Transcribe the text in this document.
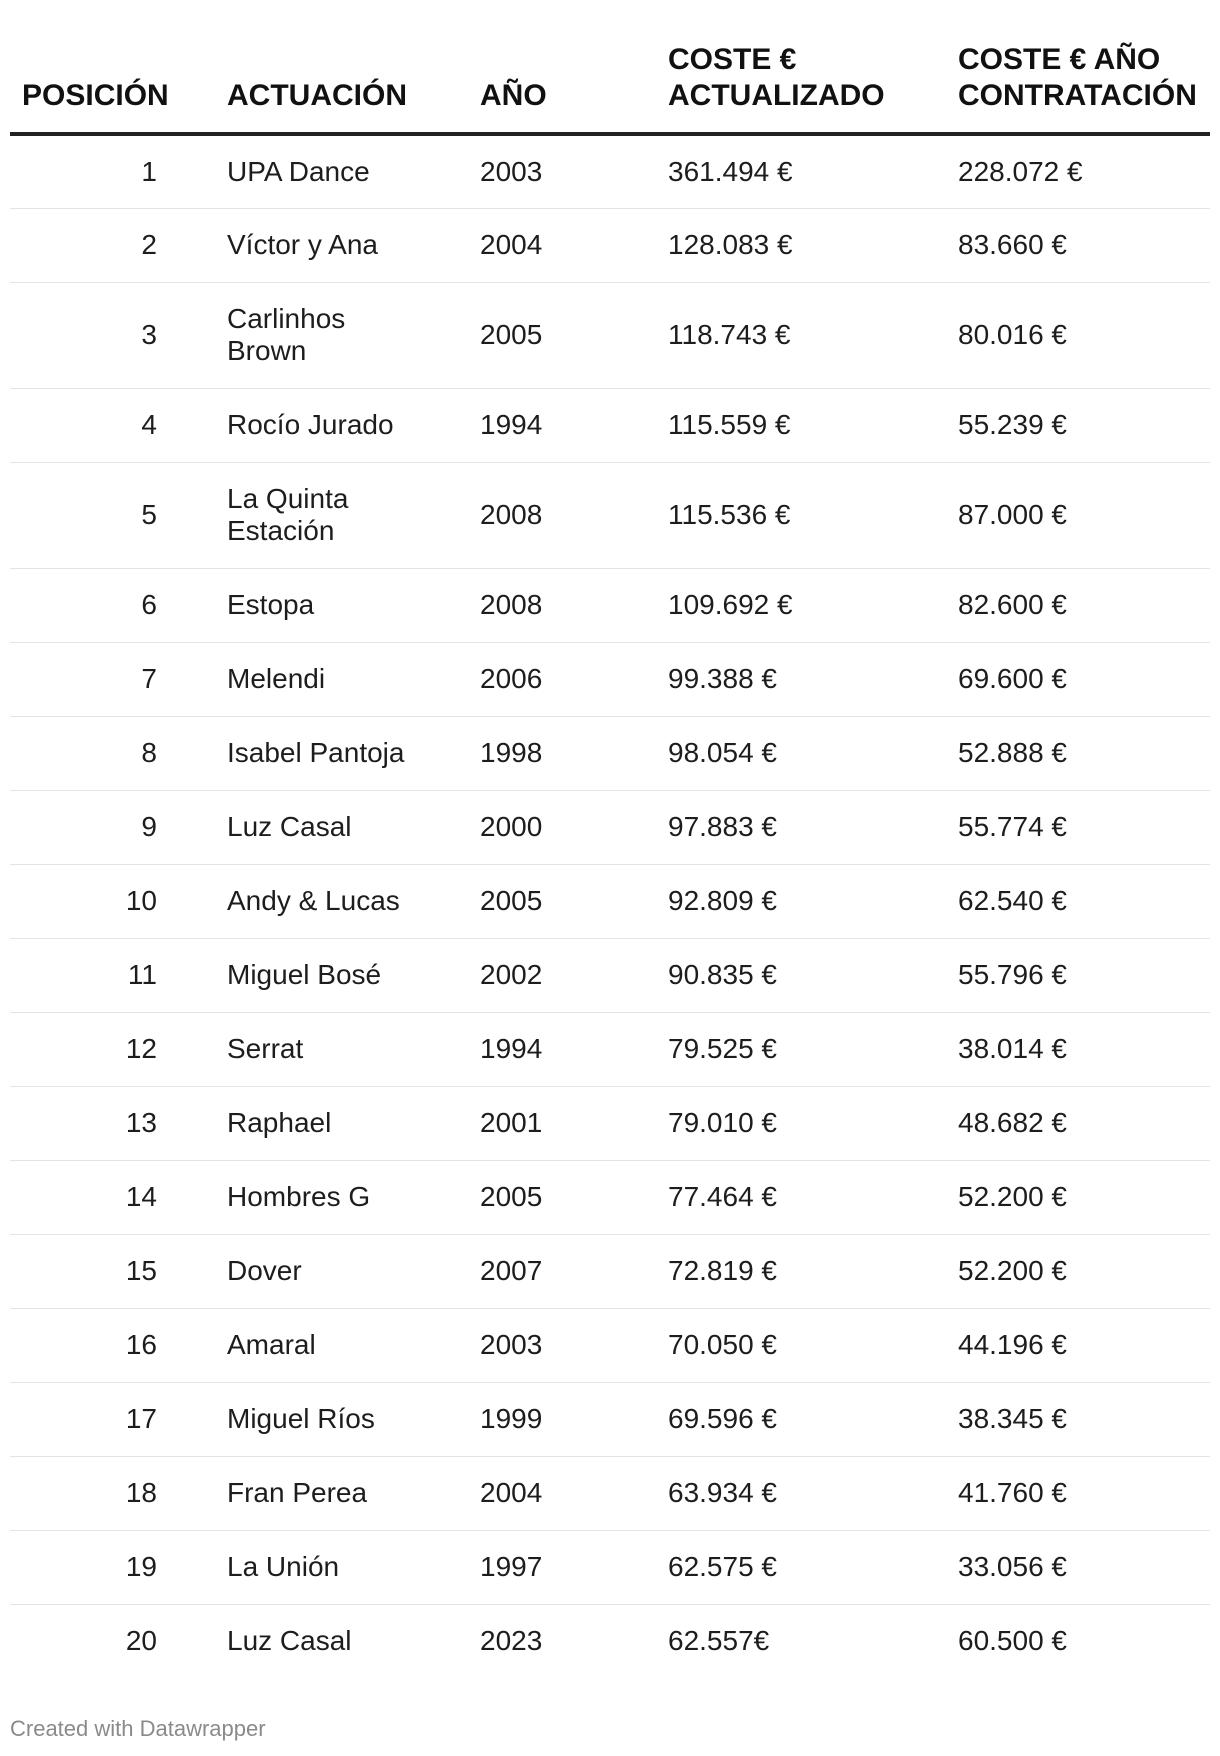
POSICIÓN	ACTUACIÓN	AÑO	COSTE € ACTUALIZADO	COSTE € AÑO CONTRATACIÓN
1	UPA Dance	2003	361.494 €	228.072 €
2	Víctor y Ana	2004	128.083 €	83.660 €
3	Carlinhos Brown	2005	118.743 €	80.016 €
4	Rocío Jurado	1994	115.559 €	55.239 €
5	La Quinta Estación	2008	115.536 €	87.000 €
6	Estopa	2008	109.692 €	82.600 €
7	Melendi	2006	99.388 €	69.600 €
8	Isabel Pantoja	1998	98.054 €	52.888 €
9	Luz Casal	2000	97.883 €	55.774 €
10	Andy & Lucas	2005	92.809 €	62.540 €
11	Miguel Bosé	2002	90.835 €	55.796 €
12	Serrat	1994	79.525 €	38.014 €
13	Raphael	2001	79.010 €	48.682 €
14	Hombres G	2005	77.464 €	52.200 €
15	Dover	2007	72.819 €	52.200 €
16	Amaral	2003	70.050 €	44.196 €
17	Miguel Ríos	1999	69.596 €	38.345 €
18	Fran Perea	2004	63.934 €	41.760 €
19	La Unión	1997	62.575 €	33.056 €
20	Luz Casal	2023	62.557€	60.500 €
Created with Datawrapper
